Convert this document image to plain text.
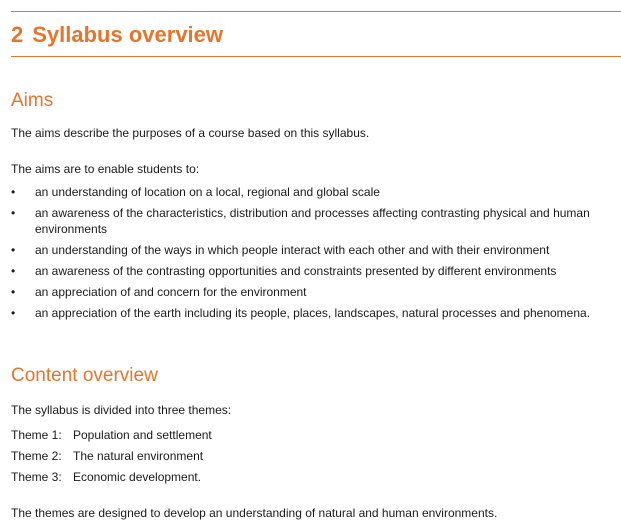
2 Syllabus overview
Aims

The aims describe the purposes of a course based on this syllabus.

The aims are to enable students to:

•	an understanding of location on a local, regional and global scale
•	an awareness of the characteristics, distribution and processes affecting contrasting physical and human environments
•	an understanding of the ways in which people interact with each other and with their environment
•	an awareness of the contrasting opportunities and constraints presented by different environments
•	an appreciation of and concern for the environment
•	an appreciation of the earth including its people, places, landscapes, natural processes and phenomena.
Content overview

The syllabus is divided into three themes:

Theme 1: Population and settlement
Theme 2: The natural environment
Theme 3: Economic development.

The themes are designed to develop an understanding of natural and human environments.
